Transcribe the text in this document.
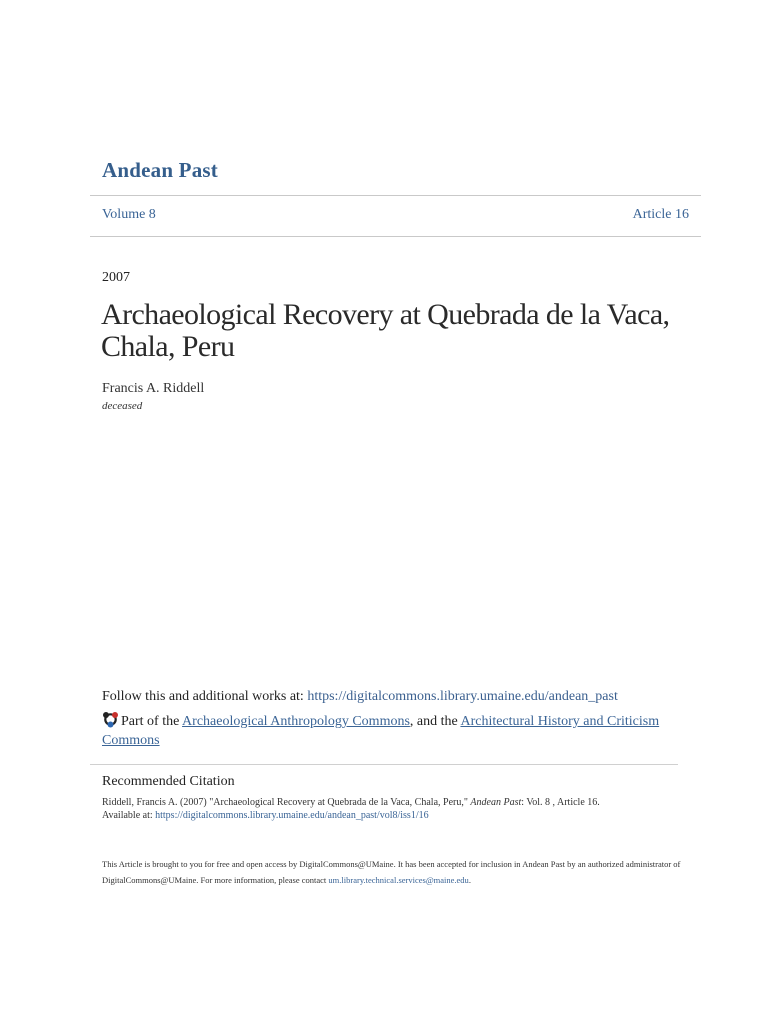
Andean Past
Volume 8	Article 16
2007
Archaeological Recovery at Quebrada de la Vaca, Chala, Peru
Francis A. Riddell
deceased
Follow this and additional works at: https://digitalcommons.library.umaine.edu/andean_past
Part of the Archaeological Anthropology Commons, and the Architectural History and Criticism Commons
Recommended Citation
Riddell, Francis A. (2007) "Archaeological Recovery at Quebrada de la Vaca, Chala, Peru," Andean Past: Vol. 8 , Article 16.
Available at: https://digitalcommons.library.umaine.edu/andean_past/vol8/iss1/16
This Article is brought to you for free and open access by DigitalCommons@UMaine. It has been accepted for inclusion in Andean Past by an authorized administrator of DigitalCommons@UMaine. For more information, please contact um.library.technical.services@maine.edu.
